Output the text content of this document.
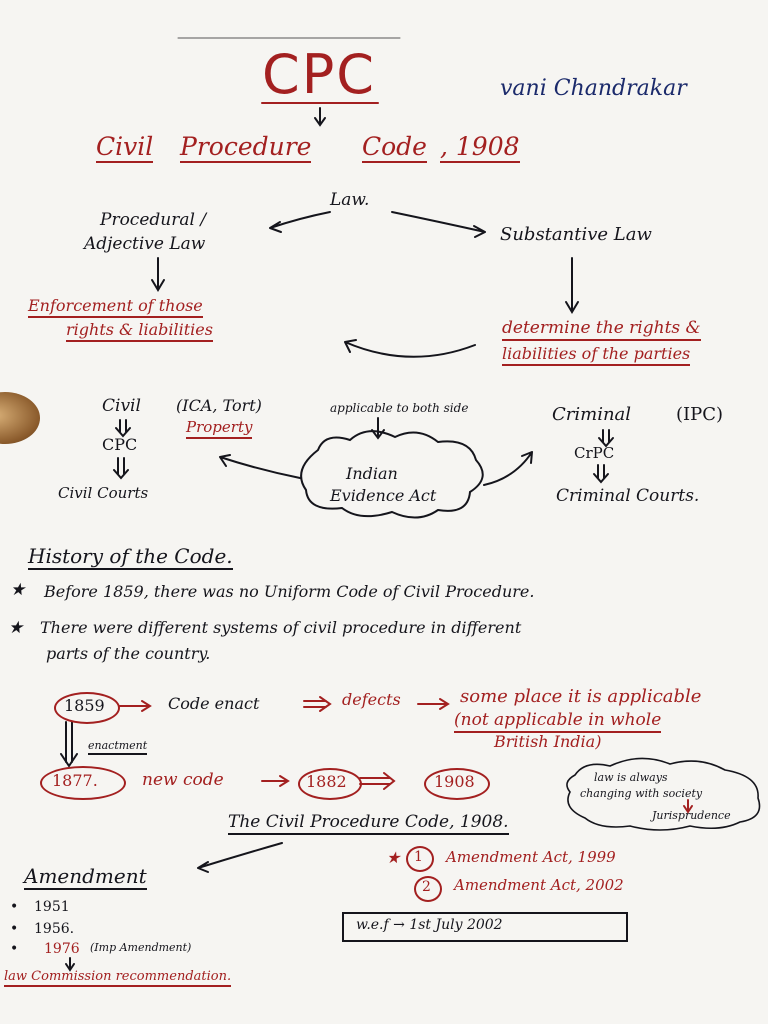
CPC	vani Chandrakar
Civil Procedure Code , 1908
Law.
Procedural /
Adjective Law	Substantive Law
Enforcement of those
rights & liabilities	determine the rights &
liabilities of the parties
Civil (ICA, Tort)
Property
CPC
Civil Courts
applicable to both side
Indian
Evidence Act
Criminal (IPC)
CrPC
Criminal Courts.
History of the Code.
★ Before 1859, there was no Uniform Code of Civil Procedure.
★ There were different systems of civil procedure in different
parts of the country.
1859	Code enact	defects	some place it is applicable
(not applicable in whole
British India)
enactment
1877.	new code	1882	1908	law is always
changing with society
Jurisprudence
The Civil Procedure Code, 1908.
Amendment
• 1951
• 1956.
• 1976 (Imp Amendment)
law Commission recommendation.
★ 1 Amendment Act, 1999
2 Amendment Act, 2002
w.e.f → 1st July 2002
